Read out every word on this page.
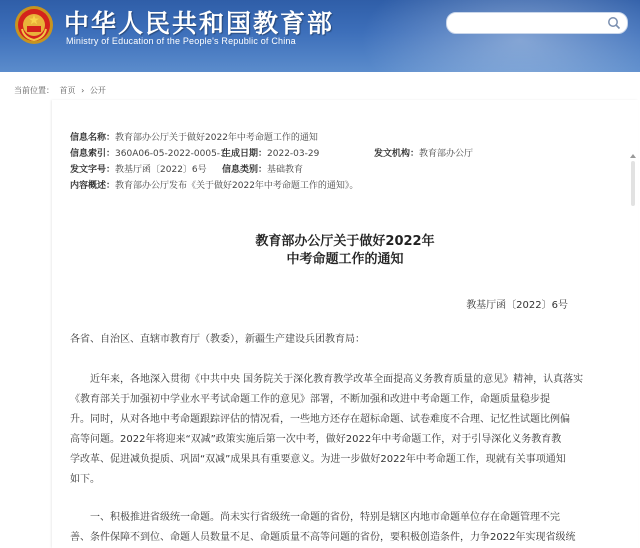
中华人民共和国教育部
Ministry of Education of the People's Republic of China
当前位置： 首页 › 公开
信息名称：教育部办公厅关于做好2022年中考命题工作的通知
信息索引：360A06-05-2022-0005-1
生成日期：2022-03-29	发文机构：教育部办公厅
发文字号：教基厅函〔2022〕6号 信息类别：基础教育
内容概述：教育部办公厅发布《关于做好2022年中考命题工作的通知》。
教育部办公厅关于做好2022年
中考命题工作的通知
教基厅函〔2022〕6号
各省、自治区、直辖市教育厅（教委），新疆生产建设兵团教育局：
近年来，各地深入贯彻《中共中央 国务院关于深化教育教学改革全面提高义务教育质量的意见》精神，认真落实
《教育部关于加强初中学业水平考试命题工作的意见》部署，不断加强和改进中考命题工作，命题质量稳步提
升。同时，从对各地中考命题跟踪评估的情况看，一些地方还存在超标命题、试卷难度不合理、记忆性试题比例偏
高等问题。2022年将迎来“双减”政策实施后第一次中考，做好2022年中考命题工作，对于引导深化义务教育教
学改革、促进减负提质、巩固“双减”成果具有重要意义。为进一步做好2022年中考命题工作，现就有关事项通知
如下。
一、积极推进省级统一命题。尚未实行省级统一命题的省份，特别是辖区内地市命题单位存在命题管理不完
善、条件保障不到位、命题人员数量不足、命题质量不高等问题的省份，要积极创造条件，力争2022年实现省级统
